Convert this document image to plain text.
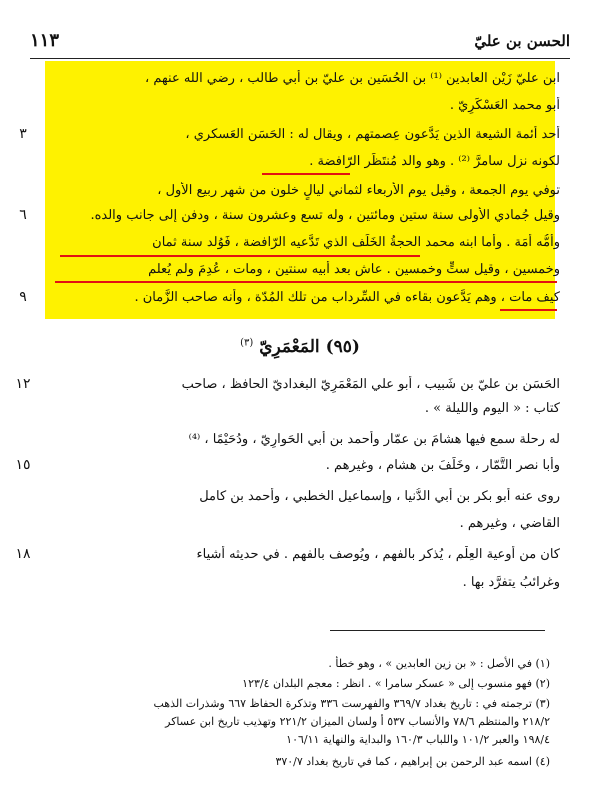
الحسن بن عليّ
١١٣
ابن عليّ زَيْن العابدين ⁽¹⁾ بن الحُسَين بن عليّ بن أبي طالب ، رضي الله عنهم ،
أبو محمد العَسْكَرِيّ .
أحد أئمة الشيعة الذين يَدَّعون عِصمتهم ، ويقال له : الحَسَن العَسكري ،
لكونه نزل سامرَّ ⁽²⁾ . وهو والد مُنتَظَر الرّافضة .
توفي يوم الجمعة ، وقيل يوم الأربعاء لثماني ليالٍ خلون من شهر ربيع الأول ،
وقيل جُمادي الأولى سنة ستين ومائتين ، وله تسع وعشرون سنة ، ودفن إلى جانب والده.
وأُمُّه أَمَة . وأما ابنه محمد الحجةُ الخَلَف الذي تَدَّعيه الرّافضة ، فَوُلد سنة ثمان
وخمسين ، وقيل ستٍّ وخمسين . عاش بعد أبيه سنتين ، ومات ، عُدِمَ ولم يُعلم
كيف مات ، وهم يَدَّعون بقاءه في السِّرداب من تلك المُدّة ، وأنه صاحب الزَّمان .
(٩٥) المَعْمَرِيّ $^{(٣)}$
الحَسَن بن عليّ بن شَبيب ، أبو علي المَعْمَرِيّ البغداديّ الحافظ ، صاحب
كتاب : « اليوم والليلة » .
له رحلة سمع فيها هشامَ بن عمّار وأحمد بن أبي الحَوارِيّ ، ودُحَيْمًا ، ⁽⁴⁾
وأبا نصر التَّمّار ، وخَلَفَ بن هشام ، وغيرهم .
روى عنه أبو بكر بن أبي الدُّنيا ، وإسماعيل الخطبي ، وأحمد بن كامل
القاضي ، وغيرهم .
كان من أوعية العِلْم ، يُذكر بالفهم ، ويُوصف بالفهم . في حديثه أشياء
وغرائبُ يتفرَّد بها .
٣
٦
٩
١٢
١٥
١٨
(١) في الأصل : « بن زين العابدين » ، وهو خطأ .
(٢) فهو منسوب إلى « عسكر سامرا » . انظر : معجم البلدان ١٢٣/٤
(٣) ترجمته في : تاريخ بغداد ٣٦٩/٧ والفهرست ٣٣٦ وتذكرة الحفاظ ٦٦٧ وشذرات الذهب
٢١٨/٢ والمنتظم ٧٨/٦ والأنساب ٥٣٧ أ ولسان الميزان ٢٢١/٢ وتهذيب تاريخ ابن عساكر
١٩٨/٤ والعبر ١٠١/٢ واللباب ١٦٠/٣ والبداية والنهاية ١٠٦/١١
(٤) اسمه عبد الرحمن بن إبراهيم ، كما في تاريخ بغداد ٣٧٠/٧
